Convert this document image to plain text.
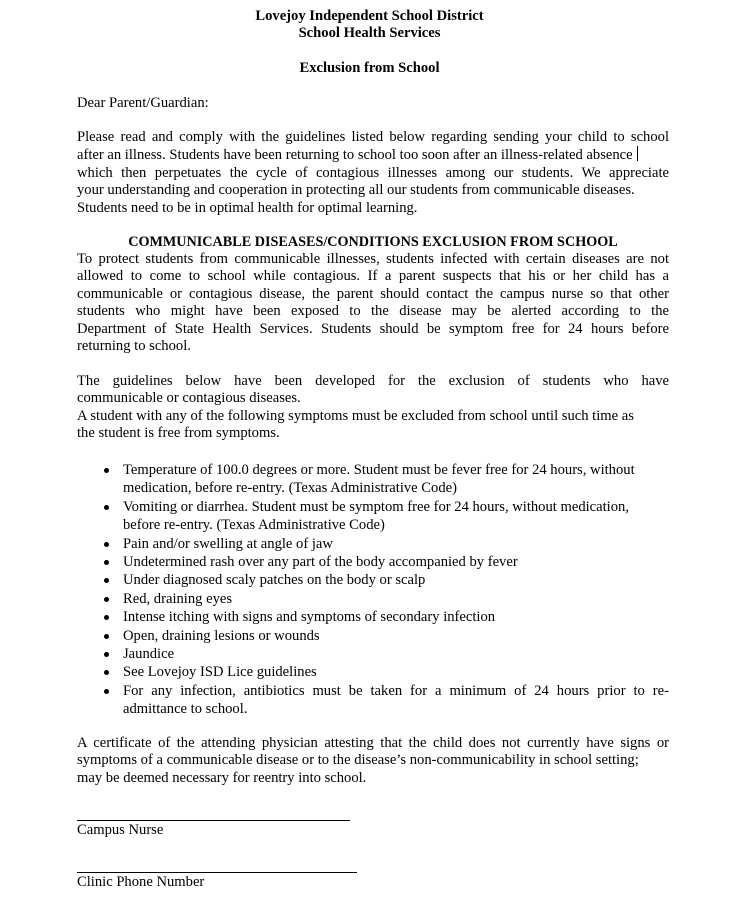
Lovejoy Independent School District
School Health Services
Exclusion from School
Dear Parent/Guardian:
Please read and comply with the guidelines listed below regarding sending your child to school
after an illness. Students have been returning to school too soon after an illness-related absence
which then perpetuates the cycle of contagious illnesses among our students. We appreciate
your understanding and cooperation in protecting all our students from communicable diseases.
Students need to be in optimal health for optimal learning.
COMMUNICABLE DISEASES/CONDITIONS EXCLUSION FROM SCHOOL
To protect students from communicable illnesses, students infected with certain diseases are not
allowed to come to school while contagious. If a parent suspects that his or her child has a
communicable or contagious disease, the parent should contact the campus nurse so that other
students who might have been exposed to the disease may be alerted according to the
Department of State Health Services. Students should be symptom free for 24 hours before
returning to school.
The guidelines below have been developed for the exclusion of students who have
communicable or contagious diseases.
A student with any of the following symptoms must be excluded from school until such time as
the student is free from symptoms.
Temperature of 100.0 degrees or more. Student must be fever free for 24 hours, without
medication, before re-entry. (Texas Administrative Code)
Vomiting or diarrhea. Student must be symptom free for 24 hours, without medication,
before re-entry. (Texas Administrative Code)
Pain and/or swelling at angle of jaw
Undetermined rash over any part of the body accompanied by fever
Under diagnosed scaly patches on the body or scalp
Red, draining eyes
Intense itching with signs and symptoms of secondary infection
Open, draining lesions or wounds
Jaundice
See Lovejoy ISD Lice guidelines
For any infection, antibiotics must be taken for a minimum of 24 hours prior to re-
admittance to school.
A certificate of the attending physician attesting that the child does not currently have signs or
symptoms of a communicable disease or to the disease’s non-communicability in school setting;
may be deemed necessary for reentry into school.
Campus Nurse
Clinic Phone Number
